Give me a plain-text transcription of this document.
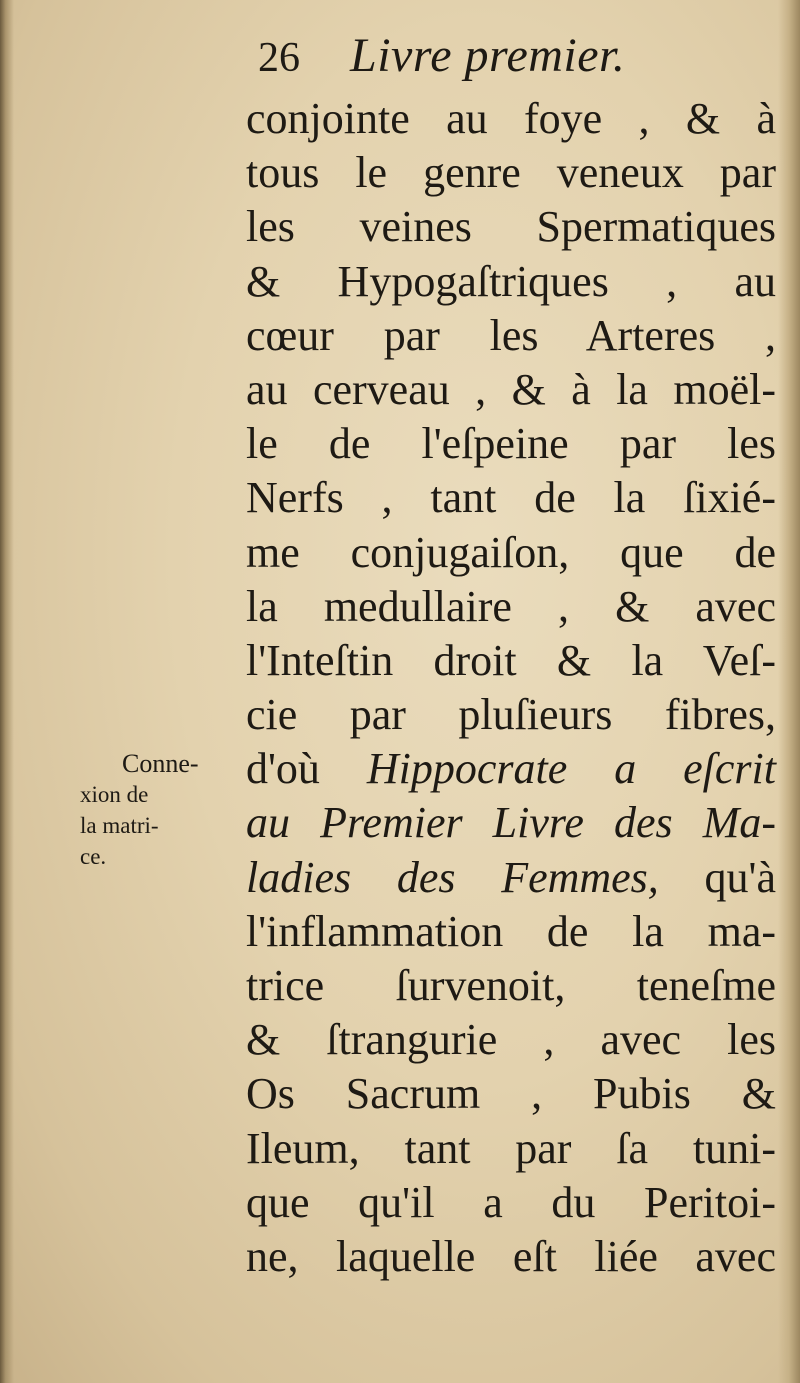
26 Livre premier.
Conne-
xion de
la matri-
ce.
conjointe au foye , & à
tous le genre veneux par
les veines Spermatiques
& Hypogaſtriques , au
cœur par les Arteres ,
au cerveau , & à la moël-
le de l'eſpeine par les
Nerfs , tant de la ſixié-
me conjugaiſon, que de
la medullaire , & avec
l'Inteſtin droit & la Veſ-
cie par pluſieurs fibres,
d'où Hippocrate a eſcrit
au Premier Livre des Ma-
ladies des Femmes, qu'à
l'inflammation de la ma-
trice ſurvenoit, teneſme
& ſtrangurie , avec les
Os Sacrum , Pubis &
Ileum, tant par ſa tuni-
que qu'il a du Peritoi-
ne, laquelle eſt liée avec
